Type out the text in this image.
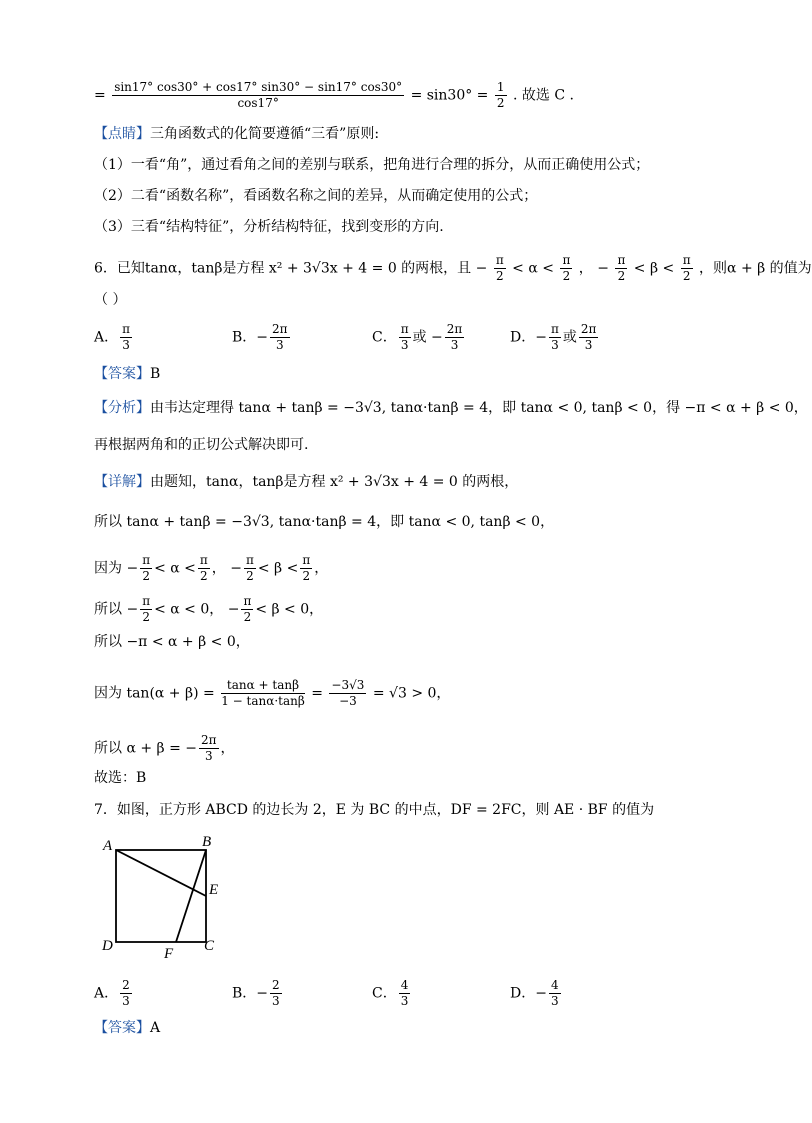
= $\frac{\sin 17^\circ \cos 30^\circ + \cos 17^\circ \sin 30^\circ - \sin 17^\circ \cos 30^\circ}{\cos 17^\circ} = \sin 30^\circ = \frac{1}{2}$ . 故选 C .
【点睛】三角函数式的化简要遵循“三看”原则:
（1）一看“角”，通过看角之间的差别与联系，把角进行合理的拆分，从而正确使用公式；
（2）二看“函数名称”，看函数名称之间的差异，从而确定使用的公式；
（3）三看“结构特征”，分析结构特征，找到变形的方向.
6．已知tanα，tanβ是方程 x² + 3√3x + 4 = 0 的两根，且 − $\frac{\pi}{2} < \alpha < \frac{\pi}{2}$ ， − $\frac{\pi}{2} < \beta < \frac{\pi}{2}$ ，则α + β 的值为
（ ）
A． $\frac{\pi}{3}$	B．− $\frac{2\pi}{3}$	C． $\frac{\pi}{3}$ 或 − $\frac{2\pi}{3}$	D．− $\frac{\pi}{3}$ 或 $\frac{2\pi}{3}$
【答案】B
【分析】由韦达定理得 tanα + tanβ = −3√3, tanα·tanβ = 4，即 tanα < 0, tanβ < 0，得 −π < α + β < 0，
再根据两角和的正切公式解决即可.
【详解】由题知，tanα，tanβ是方程 x² + 3√3x + 4 = 0 的两根，
所以 tanα + tanβ = −3√3, tanα·tanβ = 4，即 tanα < 0, tanβ < 0，
因为 − $\frac{\pi}{2} < \alpha < \frac{\pi}{2}$ ， − $\frac{\pi}{2} < \beta < \frac{\pi}{2}$ ，
所以 − $\frac{\pi}{2} < \alpha < 0$， − $\frac{\pi}{2} < \beta < 0$，
所以 −π < α + β < 0，
因为 $\tan(\alpha + \beta) = \frac{\tan\alpha + \tan\beta}{1 - \tan\alpha\cdot\tan\beta} = \frac{-3√3}{-3} = √3 > 0$，
所以 α + β = − $\frac{2\pi}{3}$ ，
故选：B
7．如图，正方形 ABCD 的边长为 2，E 为 BC 的中点，DF = 2FC，则 AE · BF 的值为
A	B
E
D	F C
A． $\frac{2}{3}$	B．− $\frac{2}{3}$	C． $\frac{4}{3}$	D．− $\frac{4}{3}$
【答案】A
